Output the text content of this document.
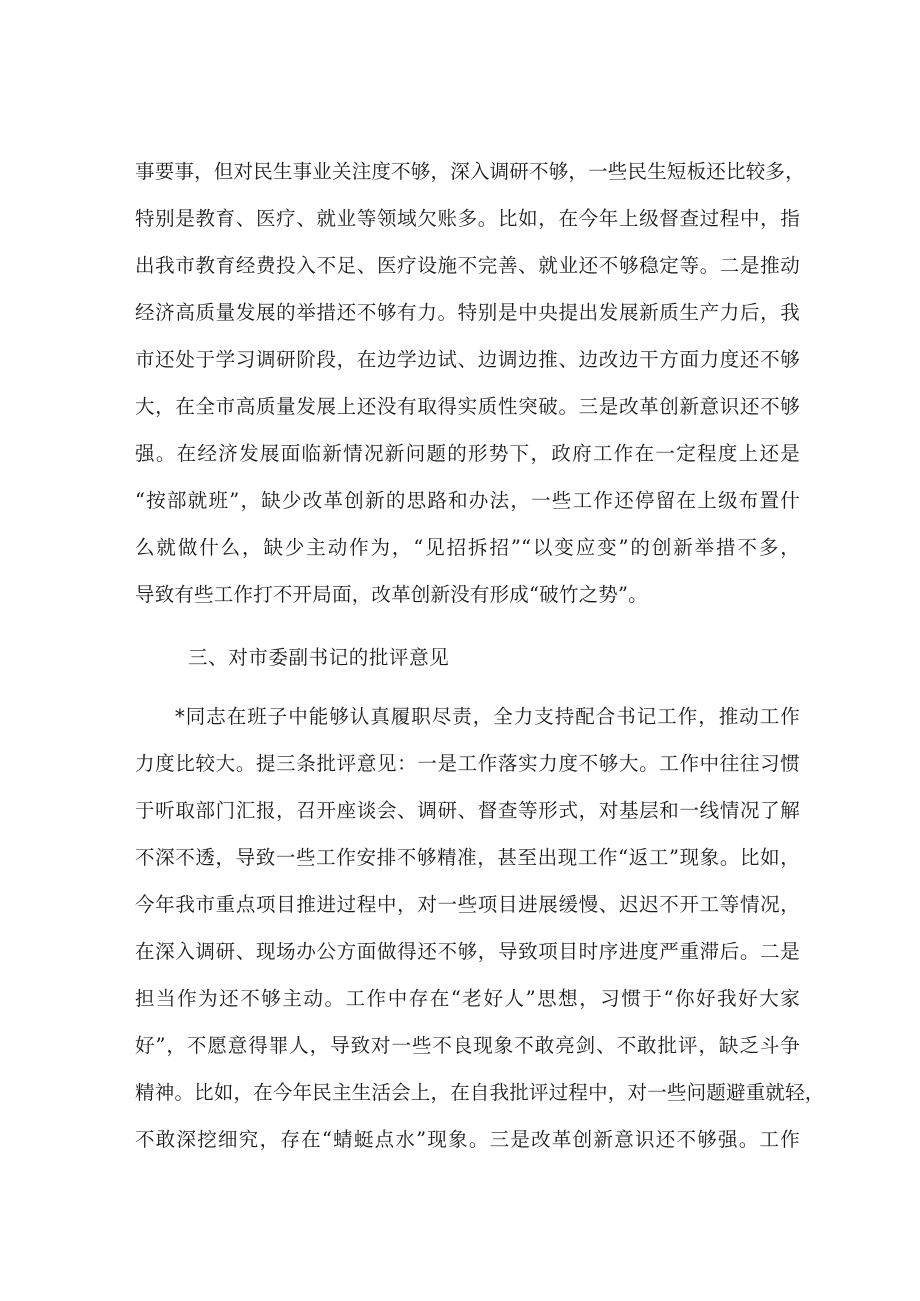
事要事，但对民生事业关注度不够，深入调研不够，一些民生短板还比较多，
特别是教育、医疗、就业等领域欠账多。比如，在今年上级督查过程中，指
出我市教育经费投入不足、医疗设施不完善、就业还不够稳定等。二是推动
经济高质量发展的举措还不够有力。特别是中央提出发展新质生产力后，我
市还处于学习调研阶段，在边学边试、边调边推、边改边干方面力度还不够
大，在全市高质量发展上还没有取得实质性突破。三是改革创新意识还不够
强。在经济发展面临新情况新问题的形势下，政府工作在一定程度上还是
“按部就班”，缺少改革创新的思路和办法，一些工作还停留在上级布置什
么就做什么，缺少主动作为，“见招拆招”“以变应变”的创新举措不多，
导致有些工作打不开局面，改革创新没有形成“破竹之势”。
三、对市委副书记的批评意见
*同志在班子中能够认真履职尽责，全力支持配合书记工作，推动工作
力度比较大。提三条批评意见：一是工作落实力度不够大。工作中往往习惯
于听取部门汇报，召开座谈会、调研、督查等形式，对基层和一线情况了解
不深不透，导致一些工作安排不够精准，甚至出现工作“返工”现象。比如，
今年我市重点项目推进过程中，对一些项目进展缓慢、迟迟不开工等情况，
在深入调研、现场办公方面做得还不够，导致项目时序进度严重滞后。二是
担当作为还不够主动。工作中存在“老好人”思想，习惯于“你好我好大家
好”，不愿意得罪人，导致对一些不良现象不敢亮剑、不敢批评，缺乏斗争
精神。比如，在今年民主生活会上，在自我批评过程中，对一些问题避重就轻，
不敢深挖细究，存在“蜻蜓点水”现象。三是改革创新意识还不够强。工作
